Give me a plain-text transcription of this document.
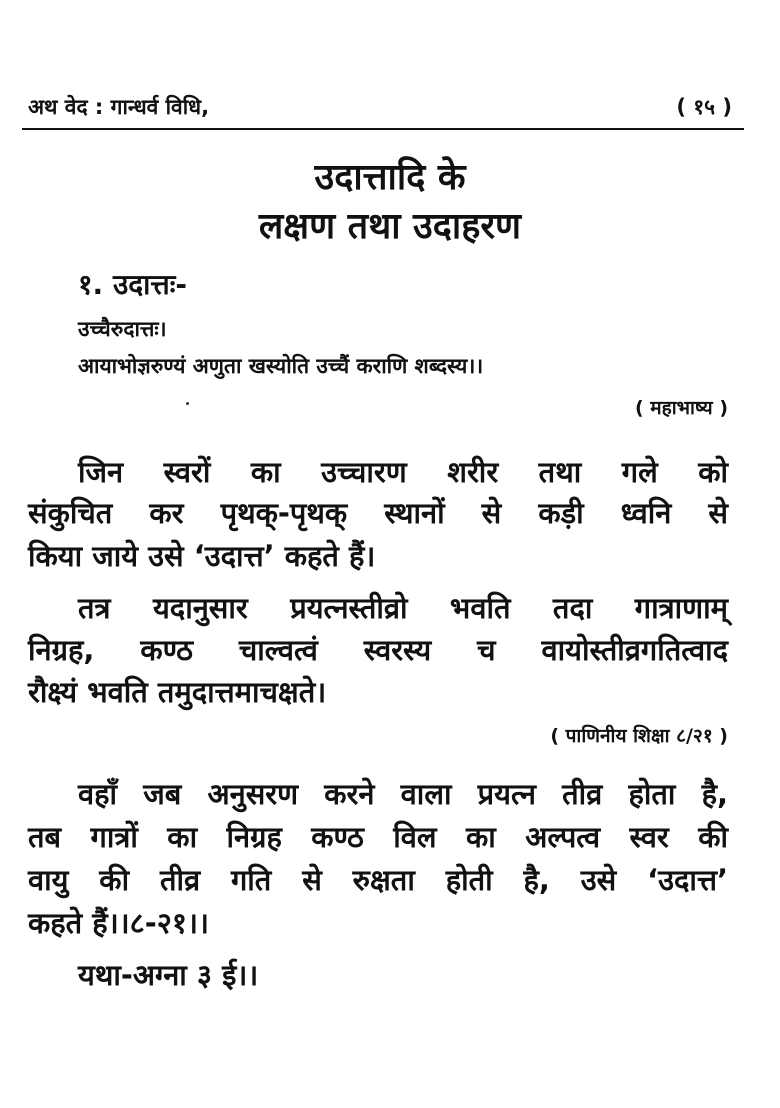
अथ वेद : गान्धर्व विधि,	( १५ )
उदात्तादि के
लक्षण तथा उदाहरण
१. उदात्तः-
उच्चैरुदात्तः।
आयाभोज्ञरुण्यं अणुता खस्योति उच्चैं कराणि शब्दस्य।।
( महाभाष्य )
जिन स्वरों का उच्चारण शरीर तथा गले को
संकुचित कर पृथक्-पृथक् स्थानों से कड़ी ध्वनि से
किया जाये उसे ‘उदात्त’ कहते हैं।
तत्र यदानुसार प्रयत्नस्तीव्रो भवति तदा गात्राणाम्
निग्रह, कण्ठ चाल्वत्वं स्वरस्य च वायोस्तीव्रगतित्वाद
रौक्ष्यं भवति तमुदात्तमाचक्षते।
( पाणिनीय शिक्षा ८/२१ )
वहाँ जब अनुसरण करने वाला प्रयत्न तीव्र होता है,
तब गात्रों का निग्रह कण्ठ विल का अल्पत्व स्वर की
वायु की तीव्र गति से रुक्षता होती है, उसे ‘उदात्त’
कहते हैं।।८-२१।।
यथा-अग्ना ३ ई।।
